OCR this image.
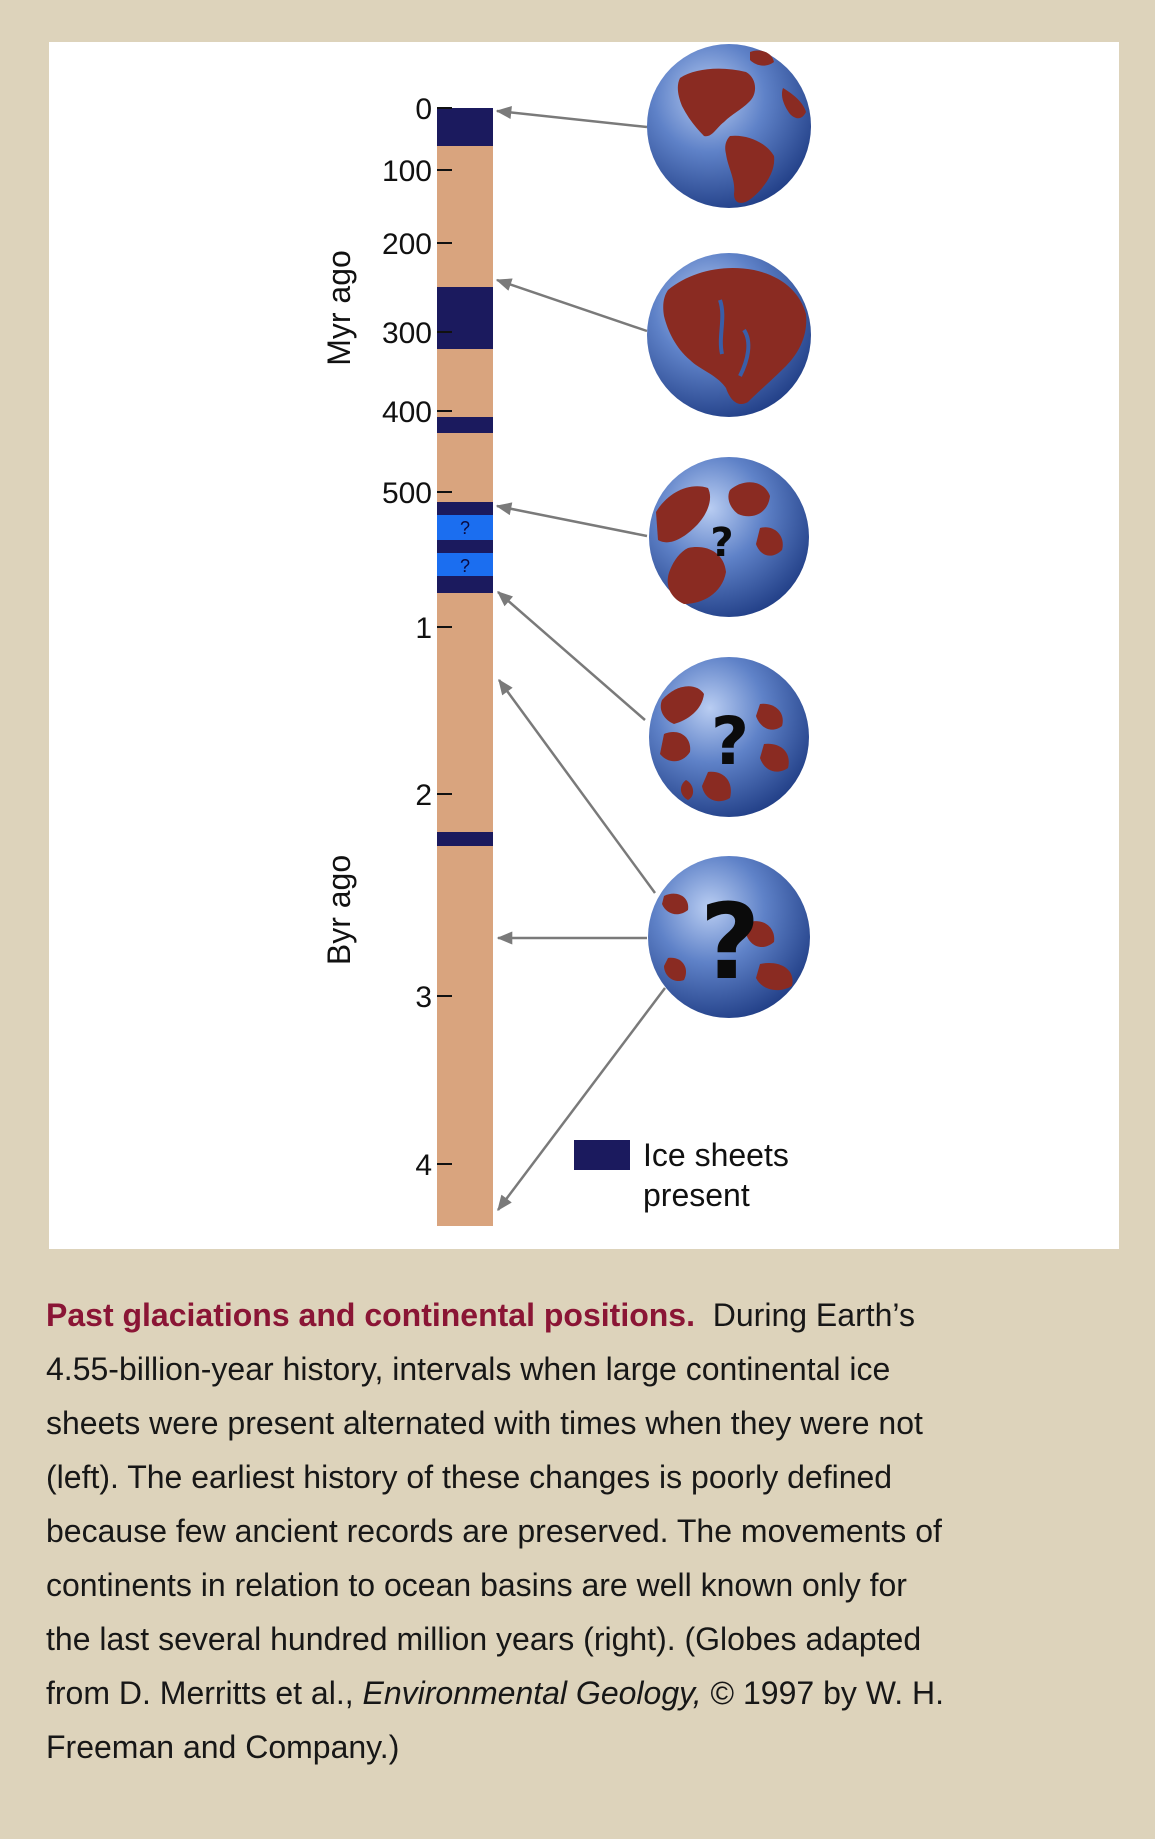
?
?
0
100
200
300
400
500
1
2
3
4
Myr ago
Byr ago
?
?
?
Ice sheets
present
Past glaciations and continental positions. During Earth’s
4.55-billion-year history, intervals when large continental ice
sheets were present alternated with times when they were not
(left). The earliest history of these changes is poorly defined
because few ancient records are preserved. The movements of
continents in relation to ocean basins are well known only for
the last several hundred million years (right). (Globes adapted
from D. Merritts et al., Environmental Geology, © 1997 by W. H.
Freeman and Company.)
